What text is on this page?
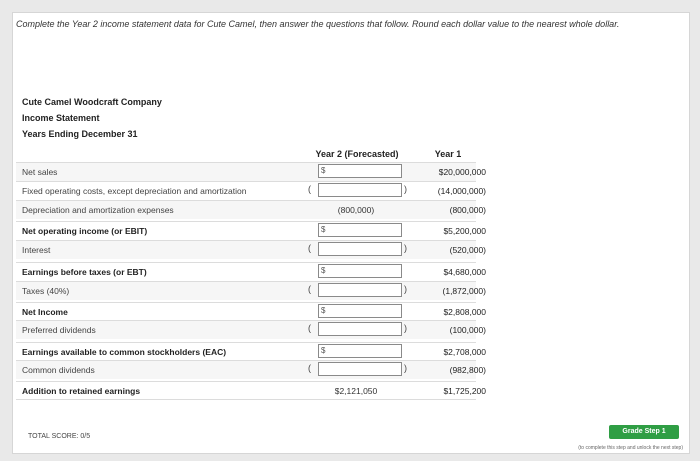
Complete the Year 2 income statement data for Cute Camel, then answer the questions that follow. Round each dollar value to the nearest whole dollar.
Cute Camel Woodcraft Company
Income Statement
Years Ending December 31
Year 2 (Forecasted)	Year 1
Net sales	$	$20,000,000
Fixed operating costs, except depreciation and amortization	(	)	(14,000,000)
Depreciation and amortization expenses	(800,000)	(800,000)
Net operating income (or EBIT)	$	$5,200,000
Interest	(	)	(520,000)
Earnings before taxes (or EBT)	$	$4,680,000
Taxes (40%)	(	)	(1,872,000)
Net Income	$	$2,808,000
Preferred dividends	(	)	(100,000)
Earnings available to common stockholders (EAC)	$	$2,708,000
Common dividends	(	)	(982,800)
Addition to retained earnings	$2,121,050	$1,725,200
TOTAL SCORE: 0/5
Grade Step 1
(to complete this step and unlock the next step)
